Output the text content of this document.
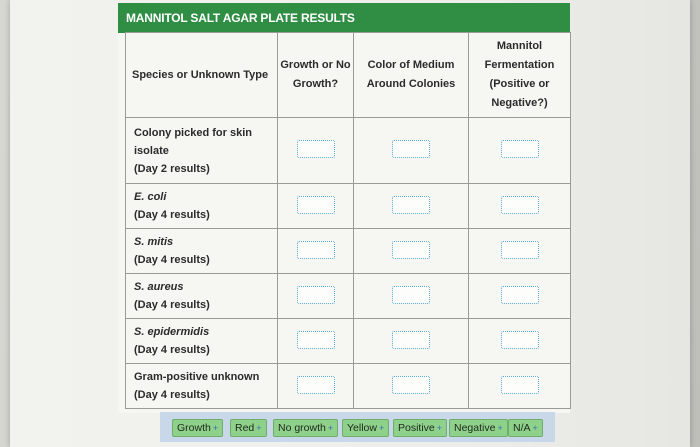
MANNITOL SALT AGAR PLATE RESULTS
Species or Unknown Type	Growth or No Growth?	Color of Medium Around Colonies	Mannitol Fermentation (Positive or Negative?)

Colony picked for skin isolate
(Day 2 results)			

E. coli
(Day 4 results)			

S. mitis
(Day 4 results)			

S. aureus
(Day 4 results)			

S. epidermidis
(Day 4 results)			

Gram-positive unknown
(Day 4 results)			

Growth + Red + No growth + Yellow + Positive + Negative + N/A +
